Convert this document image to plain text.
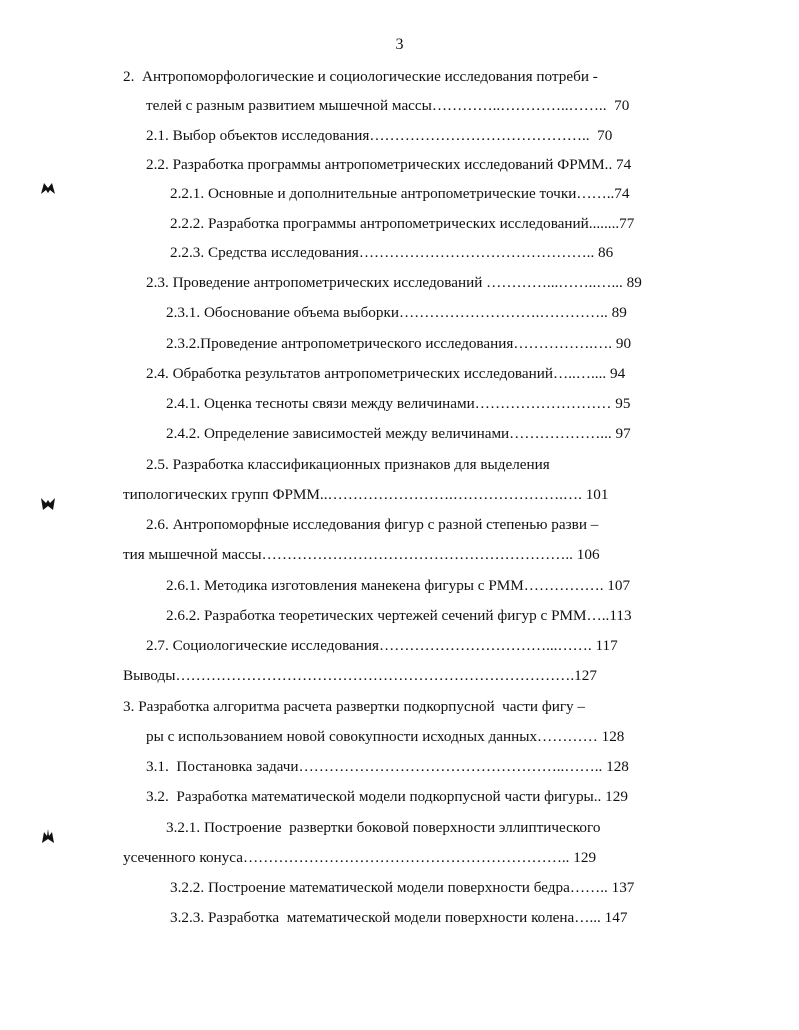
3
2.  Антропоморфологические и социологические исследования потреби -
телей с разным развитием мышечной массы…………..…………..……..  70
2.1. Выбор объектов исследования……………………………………..  70
2.2. Разработка программы антропометрических исследований ФРММ.. 74
2.2.1. Основные и дополнительные антропометрические точки……..74
2.2.2. Разработка программы антропометрических исследований........77
2.2.3. Средства исследования……………………………………….. 86
2.3. Проведение антропометрических исследований …………...……..…... 89
2.3.1. Обоснование объема выборки……………………….………….. 89
2.3.2.Проведение антропометрического исследования…………….…. 90
2.4. Обработка результатов антропометрических исследований…..….... 94
2.4.1. Оценка тесноты связи между величинами……………………… 95
2.4.2. Определение зависимостей между величинами………………... 97
2.5. Разработка классификационных признаков для выделения
типологических групп ФРММ..…………………….………………….…. 101
2.6. Антропоморфные исследования фигур с разной степенью разви –
тия мышечной массы…………………………………………………….. 106
2.6.1. Методика изготовления манекена фигуры с РММ……………. 107
2.6.2. Разработка теоретических чертежей сечений фигур с РММ…..113
2.7. Социологические исследования……………………………...……. 117
Выводы…………………………………………………………………….127
3. Разработка алгоритма расчета развертки подкорпусной  части фигу –
ры с использованием новой совокупности исходных данных………… 128
3.1.  Постановка задачи……………………………………………..…….. 128
3.2.  Разработка математической модели подкорпусной части фигуры.. 129
3.2.1. Построение  развертки боковой поверхности эллиптического
усеченного конуса……………………………………………………….. 129
3.2.2. Построение математической модели поверхности бедра…….. 137
3.2.3. Разработка  математической модели поверхности колена…... 147
